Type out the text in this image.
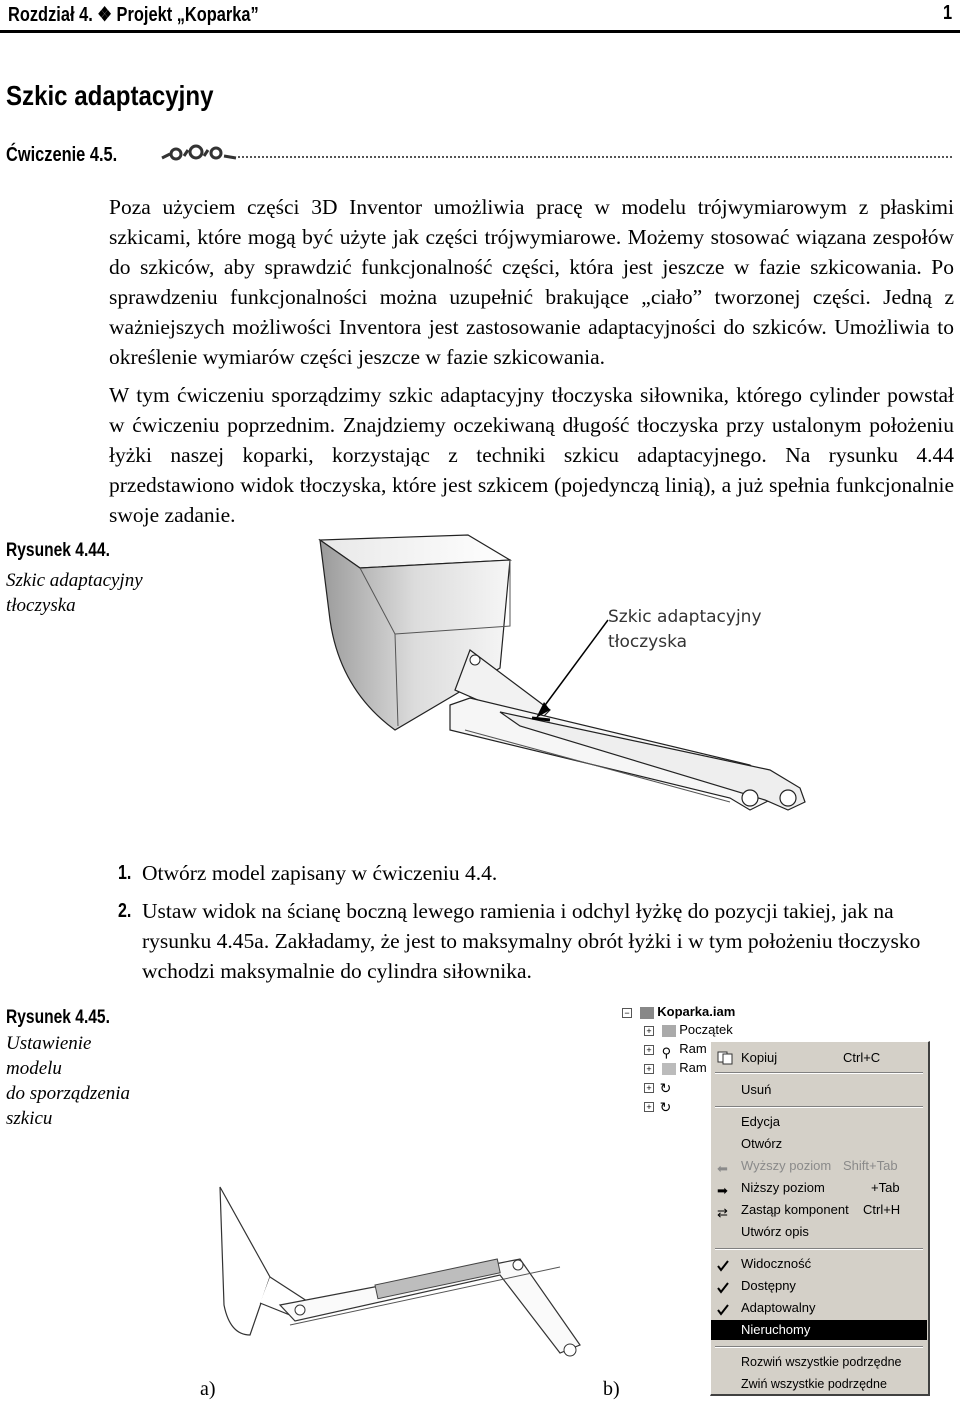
Rozdział 4. ❖ Projekt „Koparka”	1
Szkic adaptacyjny
Ćwiczenie 4.5.

Poza użyciem części 3D Inventor umożliwia pracę w modelu trójwymiarowym z płaskimi szkicami, które mogą być użyte jak części trójwymiarowe. Możemy stosować wiązana zespołów do szkiców, aby sprawdzić funkcjonalność części, która jest jeszcze w fazie szkicowania. Po sprawdzeniu funkcjonalności można uzupełnić brakujące „ciało” tworzonej części. Jedną z ważniejszych możliwości Inventora jest zastosowanie adaptacyjności do szkiców. Umożliwia to określenie wymiarów części jeszcze w fazie szkicowania.

W tym ćwiczeniu sporządzimy szkic adaptacyjny tłoczyska siłownika, którego cylinder powstał w ćwiczeniu poprzednim. Znajdziemy oczekiwaną długość tłoczyska przy ustalonym położeniu łyżki naszej koparki, korzystając z techniki szkicu adaptacyjnego. Na rysunku 4.44 przedstawiono widok tłoczyska, które jest szkicem (pojedynczą linią), a już spełnia funkcjonalnie swoje zadanie.

Rysunek 4.44.
Szkic adaptacyjny
tłoczyska
Szkic adaptacyjny
tłoczyska
1. Otwórz model zapisany w ćwiczeniu 4.4.
2. Ustaw widok na ścianę boczną lewego ramienia i odchyl łyżkę do pozycji takiej, jak na rysunku 4.45a. Zakładamy, że jest to maksymalny obrót łyżki i w tym położeniu tłoczysko wchodzi maksymalnie do cylindra siłownika.
Rysunek 4.45.
Ustawienie
modelu
do sporządzenia
szkicu
a)	b)
− Koparka.iam
+ Początek
+ ⚲ Ram
+ Ram
+ ↻
+ ↻
Kopiuj	Ctrl+C
Usuń
Edycja
Otwórz
⬅	Wyższy poziom Shift+Tab
➡	Niższy poziom	+Tab
⇄	Zastąp komponent Ctrl+H
Utwórz opis
Widoczność
Dostępny
Adaptowalny
Nieruchomy
Rozwiń wszystkie podrzędne
Zwiń wszystkie podrzędne
